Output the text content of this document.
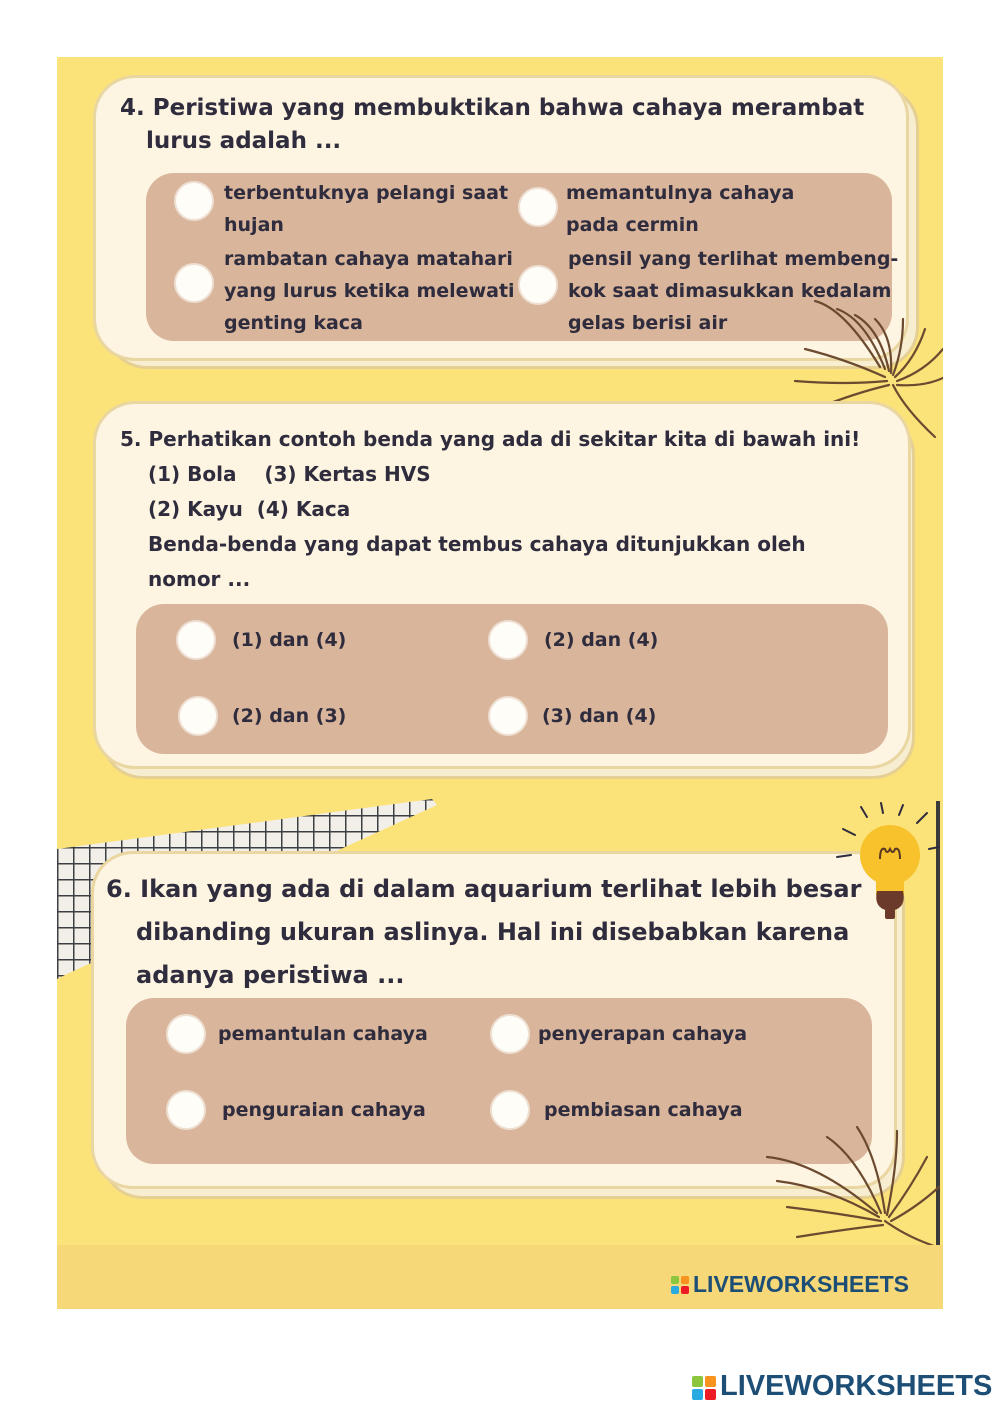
4. Peristiwa yang membuktikan bahwa cahaya merambat
lurus adalah ...
terbentuknya pelangi saat
hujan
memantulnya cahaya
pada cermin
rambatan cahaya matahari
yang lurus ketika melewati
genting kaca
pensil yang terlihat membeng-
kok saat dimasukkan kedalam
gelas berisi air
5. Perhatikan contoh benda yang ada di sekitar kita di bawah ini!
(1) Bola    (3) Kertas HVS
(2) Kayu  (4) Kaca
Benda-benda yang dapat tembus cahaya ditunjukkan oleh
nomor ...
(1) dan (4)	(2) dan (4)
(2) dan (3)	(3) dan (4)
6. Ikan yang ada di dalam aquarium terlihat lebih besar
dibanding ukuran aslinya. Hal ini disebabkan karena
adanya peristiwa ...
pemantulan cahaya	penyerapan cahaya
penguraian cahaya	pembiasan cahaya
LIVEWORKSHEETS
LIVEWORKSHEETS
